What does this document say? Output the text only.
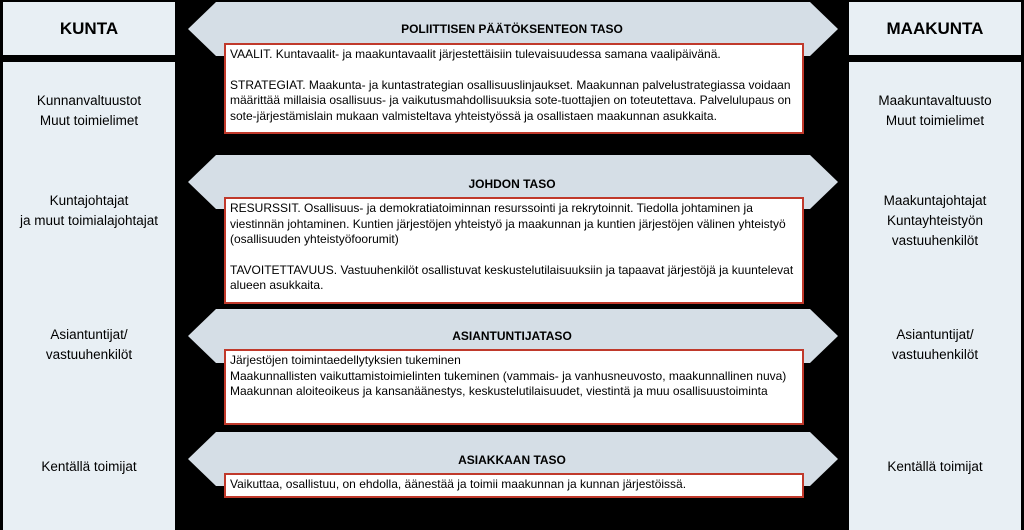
KUNTA
Kunnanvaltuustot
Muut toimielimet
Kuntajohtajat
ja muut toimialajohtajat
Asiantuntijat/
vastuuhenkilöt
Kentällä toimijat
MAAKUNTA
Maakuntavaltuusto
Muut toimielimet
Maakuntajohtajat
Kuntayhteistyön
vastuuhenkilöt
Asiantuntijat/
vastuuhenkilöt
Kentällä toimijat
POLIITTISEN PÄÄTÖKSENTEON TASO
JOHDON TASO
ASIANTUNTIJATASO
ASIAKKAAN TASO

VAALIT. Kuntavaalit- ja maakuntavaalit järjestettäisiin tulevaisuudessa samana vaalipäivänä.

STRATEGIAT. Maakunta- ja kuntastrategian osallisuuslinjaukset. Maakunnan palvelustrategiassa voidaan määrittää millaisia osallisuus- ja vaikutusmahdollisuuksia sote-tuottajien on toteutettava. Palvelulupaus on sote-järjestämislain mukaan valmisteltava yhteistyössä ja osallistaen maakunnan asukkaita.

RESURSSIT. Osallisuus- ja demokratiatoiminnan resurssointi ja rekrytoinnit. Tiedolla johtaminen ja viestinnän johtaminen. Kuntien järjestöjen yhteistyö ja maakunnan ja kuntien järjestöjen välinen yhteistyö (osallisuuden yhteistyöfoorumit)

TAVOITETTAVUUS. Vastuuhenkilöt osallistuvat keskustelutilaisuuksiin ja tapaavat järjestöjä ja kuuntelevat alueen asukkaita.

Järjestöjen toimintaedellytyksien tukeminen
Maakunnallisten vaikuttamistoimielinten tukeminen (vammais- ja vanhusneuvosto, maakunnallinen nuva)
Maakunnan aloiteoikeus ja kansanäänestys, keskustelutilaisuudet, viestintä ja muu osallisuustoiminta

Vaikuttaa, osallistuu, on ehdolla, äänestää ja toimii maakunnan ja kunnan järjestöissä.
